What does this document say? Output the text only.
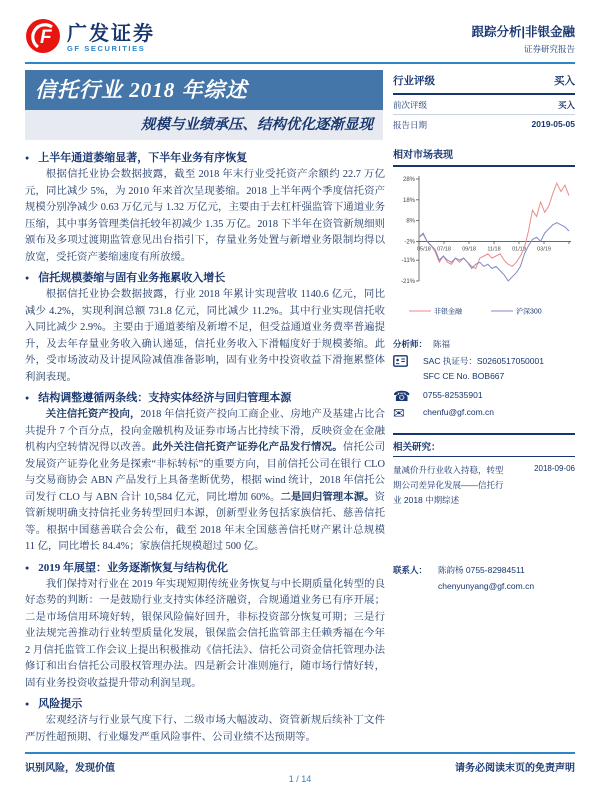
F 广发证券
GF SECURITIES
跟踪分析|非银金融
证券研究报告
信托行业 2018 年综述
规模与业绩承压、结构优化逐渐显现
行业评级	买入
前次评级	买入
报告日期	2019-05-05
● 上半年通道萎缩显著，下半年业务有序恢复

根据信托业协会数据披露，截至 2018 年末行业受托资产余额约 22.7 万亿元，同比减少 5%，为 2010 年来首次呈现萎缩。2018 上半年两个季度信托资产规模分别净减少 0.63 万亿元与 1.32 万亿元，主要由于去杠杆强监管下通道业务压缩，其中事务管理类信托较年初减少 1.35 万亿。2018 下半年在资管新规细则颁布及多项过渡期监管意见出台指引下，存量业务处置与新增业务限制均得以放宽，受托资产萎缩速度有所放缓。

● 信托规模萎缩与固有业务拖累收入增长

根据信托业协会数据披露，行业 2018 年累计实现营收 1140.6 亿元，同比减少 4.2%，实现利润总额 731.8 亿元，同比减少 11.2%。其中行业实现信托收入同比减少 2.9%。主要由于通道萎缩及新增不足，但受益通道业务费率普遍提升，及去年存量业务收入确认递延，信托业务收入下滑幅度好于规模萎缩。此外，受市场波动及计提风险减值准备影响，固有业务中投资收益下滑拖累整体利润表现。

● 结构调整遵循两条线：支持实体经济与回归管理本源

关注信托资产投向，2018 年信托资产投向工商企业、房地产及基建占比合共提升 7 个百分点，投向金融机构及证券市场占比持续下滑，反映资金在金融机构内空转情况得以改善。此外关注信托资产证券化产品发行情况。信托公司发展资产证券化业务是探索“非标转标”的重要方向，目前信托公司在银行 CLO 与交易商协会 ABN 产品发行上具备垄断优势，根据 wind 统计，2018 年信托公司发行 CLO 与 ABN 合计 10,584 亿元，同比增加 60%。二是回归管理本源。资管新规明确支持信托业务转型回归本源，创新型业务包括家族信托、慈善信托等。根据中国慈善联合会公布，截至 2018 年末全国慈善信托财产累计总规模 11 亿，同比增长 84.4%；家族信托规模超过 500 亿。

● 2019 年展望：业务逐渐恢复与结构优化

我们保持对行业在 2019 年实现短期传统业务恢复与中长期质量化转型的良好态势的判断：一是鼓励行业支持实体经济融资，合规通道业务已有序开展；二是市场信用环境好转，银保风险偏好回升，非标投资部分恢复可期；三是行业法规完善推动行业转型质量化发展，银保监会信托监管部主任赖秀福在今年 2 月信托监管工作会议上提出积极推动《信托法》、信托公司资金信托管理办法修订和出台信托公司股权管理办法。四是新会计准则施行，随市场行情好转，固有业务投资收益提升带动利润呈现。

● 风险提示

宏观经济与行业景气度下行、二级市场大幅波动、资管新规后续补丁文件严厉性超预期、行业爆发严重风险事件、公司业绩不达预期等。

相对市场表现
28%
18%
8%
-2%
-11%
-21%
05/18 07/18 09/18 11/18 01/19 03/19
非银金融	沪深300
分析师： 陈福
SAC 执证号：S0260517050001
SFC CE No. BOB667
☎	0755-82535901
✉	chenfu@gf.com.cn
相关研究：
量减价升行业收入持稳，转型期公司差异化发展——信托行业 2018 中期综述
2018-09-06
联系人：	陈韵杨 0755-82984511
chenyunyang@gf.com.cn
识别风险，发现价值	请务必阅读末页的免责声明
1 / 14
